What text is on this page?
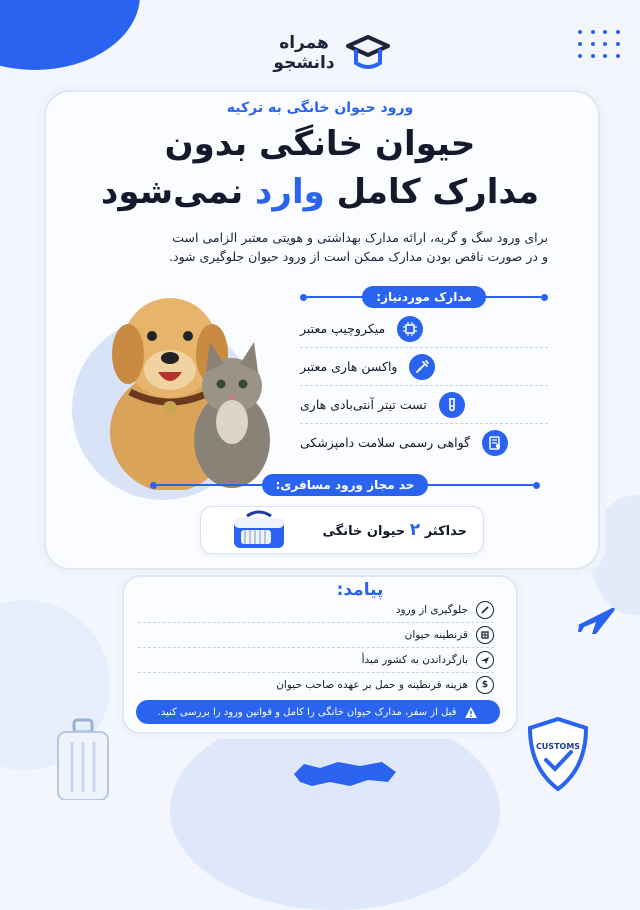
همراه
دانشجو
ورود حیوان خانگی به ترکیه
حیوان خانگی بدون
مدارک کامل وارد نمی‌شود
برای ورود سگ و گربه، ارائه مدارک بهداشتی و هویتی معتبر الزامی است
و در صورت ناقص بودن مدارک ممکن است از ورود حیوان جلوگیری شود.
مدارک موردنیاز:
میکروچیپ معتبر
واکسن هاری معتبر
تست تیتر آنتی‌بادی هاری
گواهی رسمی سلامت دامپزشکی
حد مجاز ورود مسافری:
حداکثر ۲ حیوان خانگی
پیامد:
جلوگیری از ورود
قرنطینه حیوان
بازگرداندن به کشور مبدأ
$
هزینه قرنطینه و حمل بر عهده صاحب حیوان
قبل از سفر، مدارک حیوان خانگی را کامل و قوانین ورود را بررسی کنید.
CUSTOMS
